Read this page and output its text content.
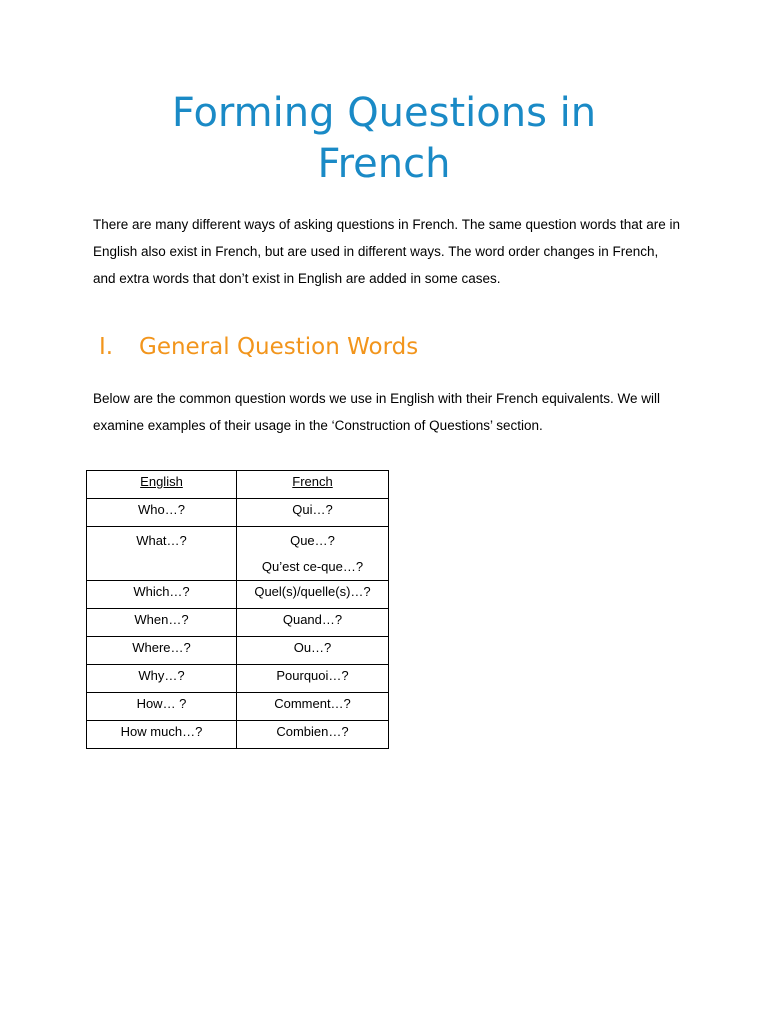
Forming Questions in French

There are many different ways of asking questions in French. The same question words that are in English also exist in French, but are used in different ways. The word order changes in French, and extra words that don’t exist in English are added in some cases.

I. General Question Words

Below are the common question words we use in English with their French equivalents. We will examine examples of their usage in the ‘Construction of Questions’ section.

English	French
Who…?	Qui…?

What…?	Que…?
Qu’est ce-que…?

Which…?	Quel(s)/quelle(s)…?
When…?	Quand…?
Where…?	Ou…?
Why…?	Pourquoi…?
How… ?	Comment…?
How much…?	Combien…?
